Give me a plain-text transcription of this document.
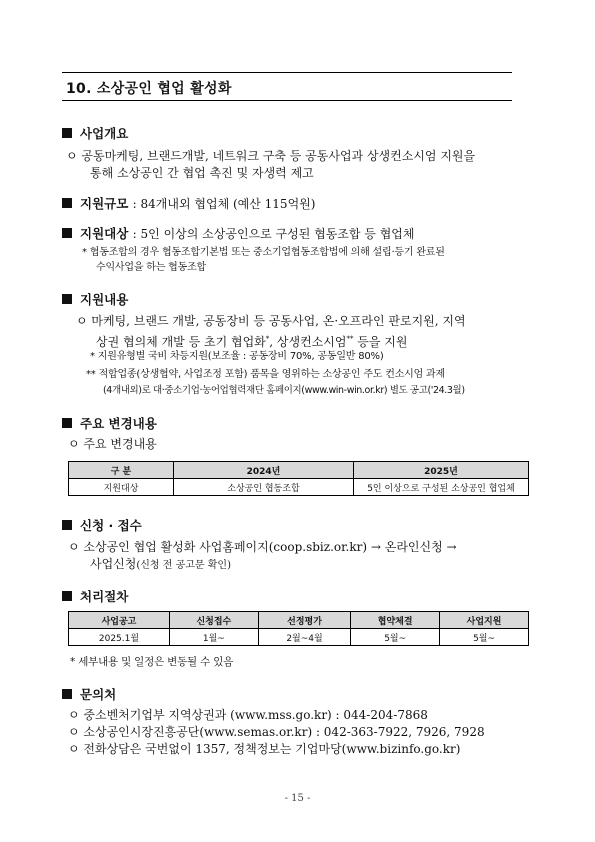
10. 소상공인 협업 활성화
사업개요
ㅇ 공동마케팅, 브랜드개발, 네트워크 구축 등 공동사업과 상생컨소시엄 지원을
통해 소상공인 간 협업 촉진 및 자생력 제고
지원규모 : 84개내외 협업체 (예산 115억원)
지원대상 : 5인 이상의 소상공인으로 구성된 협동조합 등 협업체
* 협동조합의 경우 협동조합기본법 또는 중소기업협동조합법에 의해 설립·등기 완료된
수익사업을 하는 협동조합
지원내용
ㅇ 마케팅, 브랜드 개발, 공동장비 등 공동사업, 온·오프라인 판로지원, 지역
상권 협의체 개발 등 초기 협업화*, 상생컨소시엄** 등을 지원
* 지원유형별 국비 차등지원(보조율 : 공동장비 70%, 공동일반 80%)
** 적합업종(상생협약, 사업조정 포함) 품목을 영위하는 소상공인 주도 컨소시엄 과제
(4개내외)로 대·중소기업·농어업협력재단 홈페이지(www.win-win.or.kr) 별도 공고('24.3월)
주요 변경내용
ㅇ 주요 변경내용
구 분	2024년	2025년
지원대상	소상공인 협동조합	5인 이상으로 구성된 소상공인 협업체
신청 · 접수
ㅇ 소상공인 협업 활성화 사업홈페이지(coop.sbiz.or.kr) → 온라인신청 →
사업신청(신청 전 공고문 확인)
처리절차
사업공고	신청접수	선정평가	협약체결	사업지원
2025.1월	1월~	2월~4월	5월~	5월~
* 세부내용 및 일정은 변동될 수 있음
문의처
ㅇ 중소벤처기업부 지역상권과 (www.mss.go.kr) : 044-204-7868
ㅇ 소상공인시장진흥공단(www.semas.or.kr) : 042-363-7922, 7926, 7928
ㅇ 전화상담은 국번없이 1357, 정책정보는 기업마당(www.bizinfo.go.kr)
- 15 -
